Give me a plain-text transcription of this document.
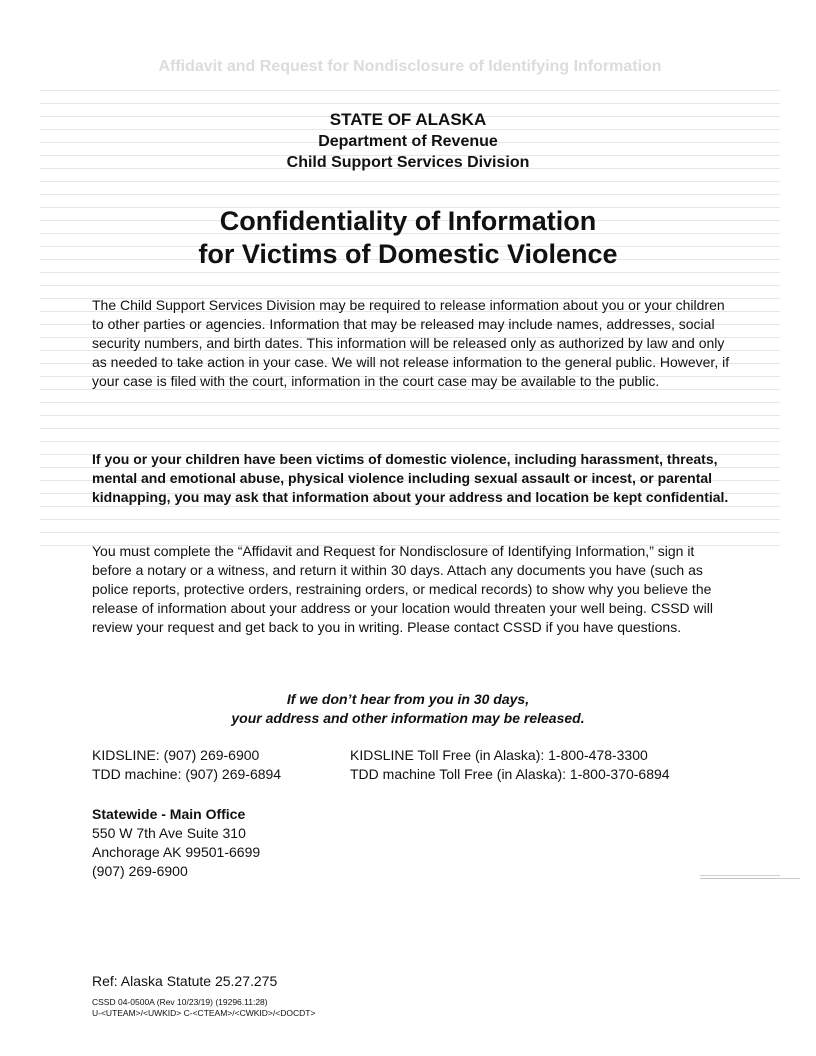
Affidavit and Request for Nondisclosure of Identifying Information
STATE OF ALASKA
Department of Revenue
Child Support Services Division
Confidentiality of Information
for Victims of Domestic Violence
The Child Support Services Division may be required to release information about you or your children to other parties or agencies. Information that may be released may include names, addresses, social security numbers, and birth dates. This information will be released only as authorized by law and only as needed to take action in your case. We will not release information to the general public. However, if your case is filed with the court, information in the court case may be available to the public.
If you or your children have been victims of domestic violence, including harassment, threats, mental and emotional abuse, physical violence including sexual assault or incest, or parental kidnapping, you may ask that information about your address and location be kept confidential.
You must complete the “Affidavit and Request for Nondisclosure of Identifying Information,” sign it before a notary or a witness, and return it within 30 days. Attach any documents you have (such as police reports, protective orders, restraining orders, or medical records) to show why you believe the release of information about your address or your location would threaten your well being. CSSD will review your request and get back to you in writing. Please contact CSSD if you have questions.
If we don’t hear from you in 30 days,
your address and other information may be released.
KIDSLINE: (907) 269-6900
TDD machine: (907) 269-6894
KIDSLINE Toll Free (in Alaska): 1-800-478-3300
TDD machine Toll Free (in Alaska): 1-800-370-6894
Statewide - Main Office
550 W 7th Ave Suite 310
Anchorage AK 99501-6699
(907) 269-6900
Ref: Alaska Statute 25.27.275
CSSD 04-0500A (Rev 10/23/19) (19296.11:28)
U-<UTEAM>/<UWKID> C-<CTEAM>/<CWKID>/<DOCDT>
